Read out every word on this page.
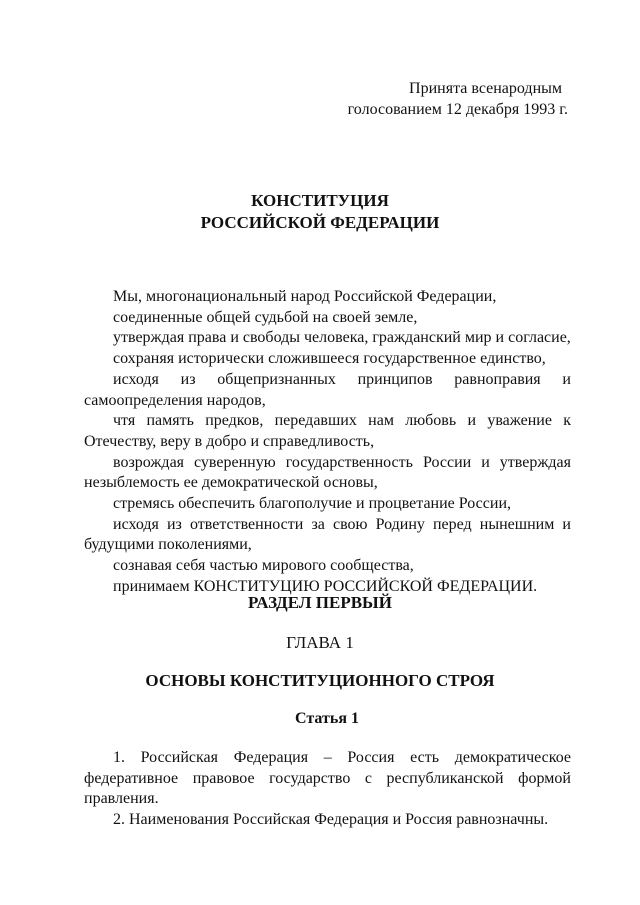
Принята всенародным
голосованием 12 декабря 1993 г.
КОНСТИТУЦИЯ
РОССИЙСКОЙ ФЕДЕРАЦИИ

Мы, многонациональный народ Российской Федерации,

соединенные общей судьбой на своей земле,

утверждая права и свободы человека, гражданский мир и согласие,

сохраняя исторически сложившееся государственное единство,

исходя из общепризнанных принципов равноправия и самоопределения народов,

чтя память предков, передавших нам любовь и уважение к Отечеству, веру в добро и справедливость,

возрождая суверенную государственность России и утверждая незыблемость ее демократической основы,

стремясь обеспечить благополучие и процветание России,

исходя из ответственности за свою Родину перед нынешним и будущими поколениями,

сознавая себя частью мирового сообщества,

принимаем КОНСТИТУЦИЮ РОССИЙСКОЙ ФЕДЕРАЦИИ.

РАЗДЕЛ ПЕРВЫЙ
ГЛАВА 1
ОСНОВЫ КОНСТИТУЦИОННОГО СТРОЯ
Статья 1

1. Российская Федерация – Россия есть демократическое федеративное правовое государство с республиканской формой правления.

2. Наименования Российская Федерация и Россия равнозначны.
